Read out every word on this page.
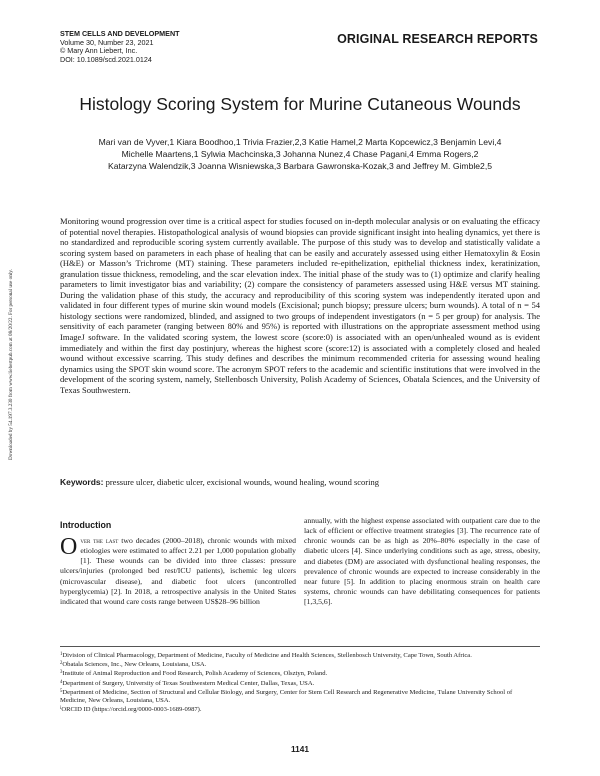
STEM CELLS AND DEVELOPMENT
Volume 30, Number 23, 2021
© Mary Ann Liebert, Inc.
DOI: 10.1089/scd.2021.0124
ORIGINAL RESEARCH REPORTS
Histology Scoring System for Murine Cutaneous Wounds
Mari van de Vyver,1 Kiara Boodhoo,1 Trivia Frazier,2,3 Katie Hamel,2 Marta Kopcewicz,3 Benjamin Levi,4
Michelle Maartens,1 Sylwia Machcinska,3 Johanna Nunez,4 Chase Pagani,4 Emma Rogers,2
Katarzyna Walendzik,3 Joanna Wisniewska,3 Barbara Gawronska-Kozak,3 and Jeffrey M. Gimble2,5
Downloaded by 54.197.3.230 from www.liebertpub.com at 08/20/22. For personal use only.
Monitoring wound progression over time is a critical aspect for studies focused on in-depth molecular analysis or on evaluating the efficacy of potential novel therapies. Histopathological analysis of wound biopsies can provide significant insight into healing dynamics, yet there is no standardized and reproducible scoring system currently available. The purpose of this study was to develop and statistically validate a scoring system based on parameters in each phase of healing that can be easily and accurately assessed using either Hematoxylin & Eosin (H&E) or Masson’s Trichrome (MT) staining. These parameters included re-epithelization, epithelial thickness index, keratinization, granulation tissue thickness, remodeling, and the scar elevation index. The initial phase of the study was to (1) optimize and clarify healing parameters to limit investigator bias and variability; (2) compare the consistency of parameters assessed using H&E versus MT staining. During the validation phase of this study, the accuracy and reproducibility of this scoring system was independently iterated upon and validated in four different types of murine skin wound models (Excisional; punch biopsy; pressure ulcers; burn wounds). A total of n = 54 histology sections were randomized, blinded, and assigned to two groups of independent investigators (n = 5 per group) for analysis. The sensitivity of each parameter (ranging between 80% and 95%) is reported with illustrations on the appropriate assessment method using ImageJ software. In the validated scoring system, the lowest score (score:0) is associated with an open/unhealed wound as is evident immediately and within the first day postinjury, whereas the highest score (score:12) is associated with a completely closed and healed wound without excessive scarring. This study defines and describes the minimum recommended criteria for assessing wound healing dynamics using the SPOT skin wound score. The acronym SPOT refers to the academic and scientific institutions that were involved in the development of the scoring system, namely, Stellenbosch University, Polish Academy of Sciences, Obatala Sciences, and the University of Texas Southwestern.
Keywords: pressure ulcer, diabetic ulcer, excisional wounds, wound healing, wound scoring
Introduction
O ver the last two decades (2000–2018), chronic wounds with mixed etiologies were estimated to affect 2.21 per 1,000 population globally [1]. These wounds can be divided into three classes: pressure ulcers/injuries (prolonged bed rest/ICU patients), ischemic leg ulcers (microvascular disease), and diabetic foot ulcers (uncontrolled hyperglycemia) [2]. In 2018, a retrospective analysis in the United States indicated that wound care costs range between US$28–96 billion
annually, with the highest expense associated with outpatient care due to the lack of efficient or effective treatment strategies [3]. The recurrence rate of chronic wounds can be as high as 20%–80% especially in the case of diabetic ulcers [4]. Since underlying conditions such as age, stress, obesity, and diabetes (DM) are associated with dysfunctional healing responses, the prevalence of chronic wounds are expected to increase considerably in the near future [5]. In addition to placing enormous strain on health care systems, chronic wounds can have debilitating consequences for patients [1,3,5,6].

$^1$Division of Clinical Pharmacology, Department of Medicine, Faculty of Medicine and Health Sciences, Stellenbosch University, Cape Town, South Africa.

$^2$Obatala Sciences, Inc., New Orleans, Louisiana, USA.

$^3$Institute of Animal Reproduction and Food Research, Polish Academy of Sciences, Olsztyn, Poland.

$^4$Department of Surgery, University of Texas Southwestern Medical Center, Dallas, Texas, USA.

$^5$Department of Medicine, Section of Structural and Cellular Biology, and Surgery, Center for Stem Cell Research and Regenerative Medicine, Tulane University School of Medicine, New Orleans, Louisiana, USA.

$^i$ORCID ID (https://orcid.org/0000-0003-1689-0987).

1141
